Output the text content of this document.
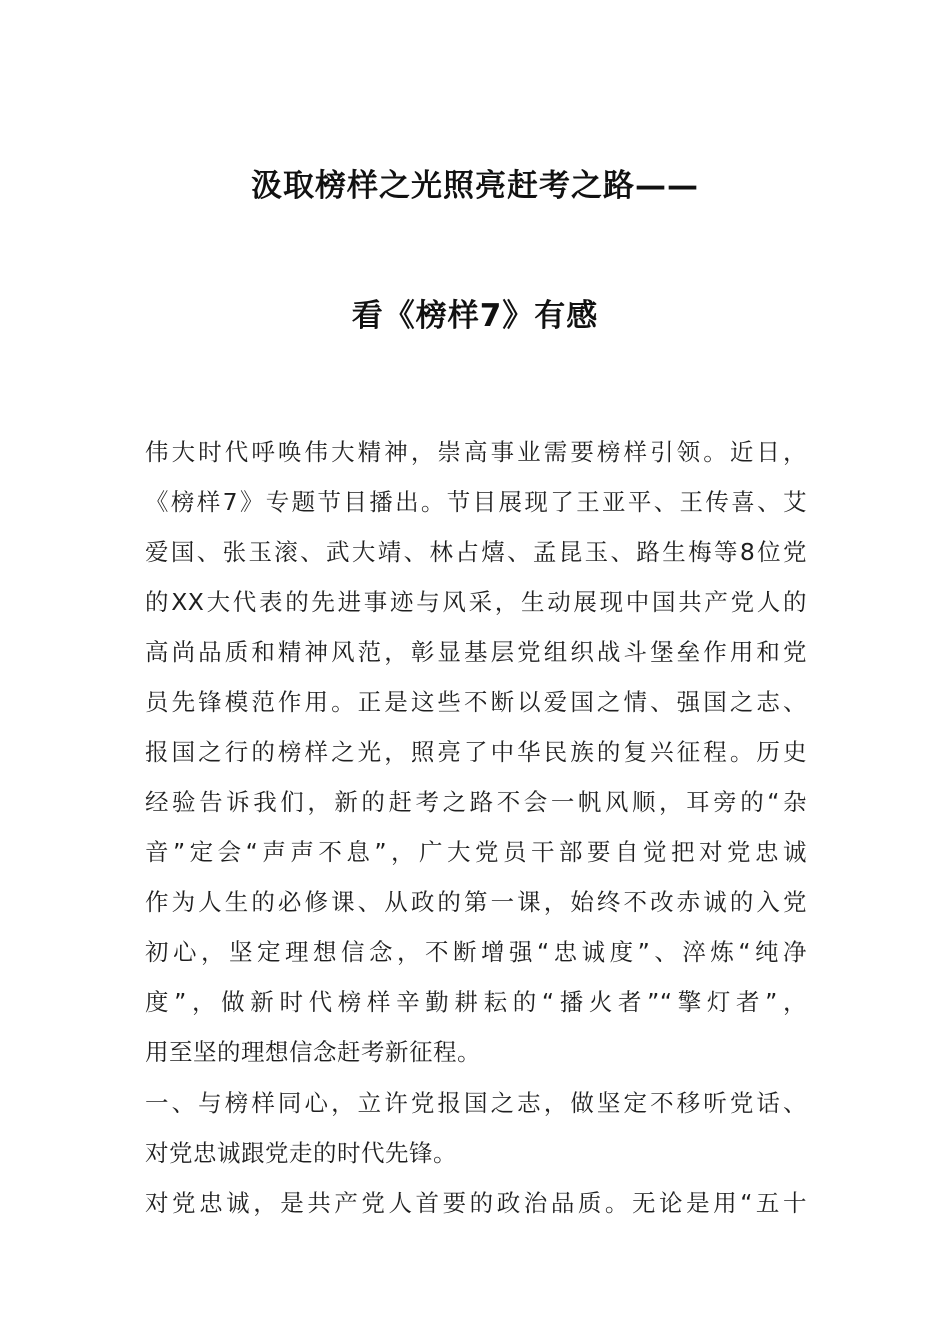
汲取榜样之光照亮赶考之路——
看《榜样7》有感
伟大时代呼唤伟大精神，崇高事业需要榜样引领。近日，
《榜样7》专题节目播出。节目展现了王亚平、王传喜、艾
爱国、张玉滚、武大靖、林占熺、孟昆玉、路生梅等8位党
的XX大代表的先进事迹与风采，生动展现中国共产党人的
高尚品质和精神风范，彰显基层党组织战斗堡垒作用和党
员先锋模范作用。正是这些不断以爱国之情、强国之志、
报国之行的榜样之光，照亮了中华民族的复兴征程。历史
经验告诉我们，新的赶考之路不会一帆风顺，耳旁的“杂
音”定会“声声不息”，广大党员干部要自觉把对党忠诚
作为人生的必修课、从政的第一课，始终不改赤诚的入党
初心，坚定理想信念，不断增强“忠诚度”、淬炼“纯净
度”，做新时代榜样辛勤耕耘的“播火者”“擎灯者”，
用至坚的理想信念赶考新征程。
一、与榜样同心，立许党报国之志，做坚定不移听党话、
对党忠诚跟党走的时代先锋。
对党忠诚，是共产党人首要的政治品质。无论是用“五十
